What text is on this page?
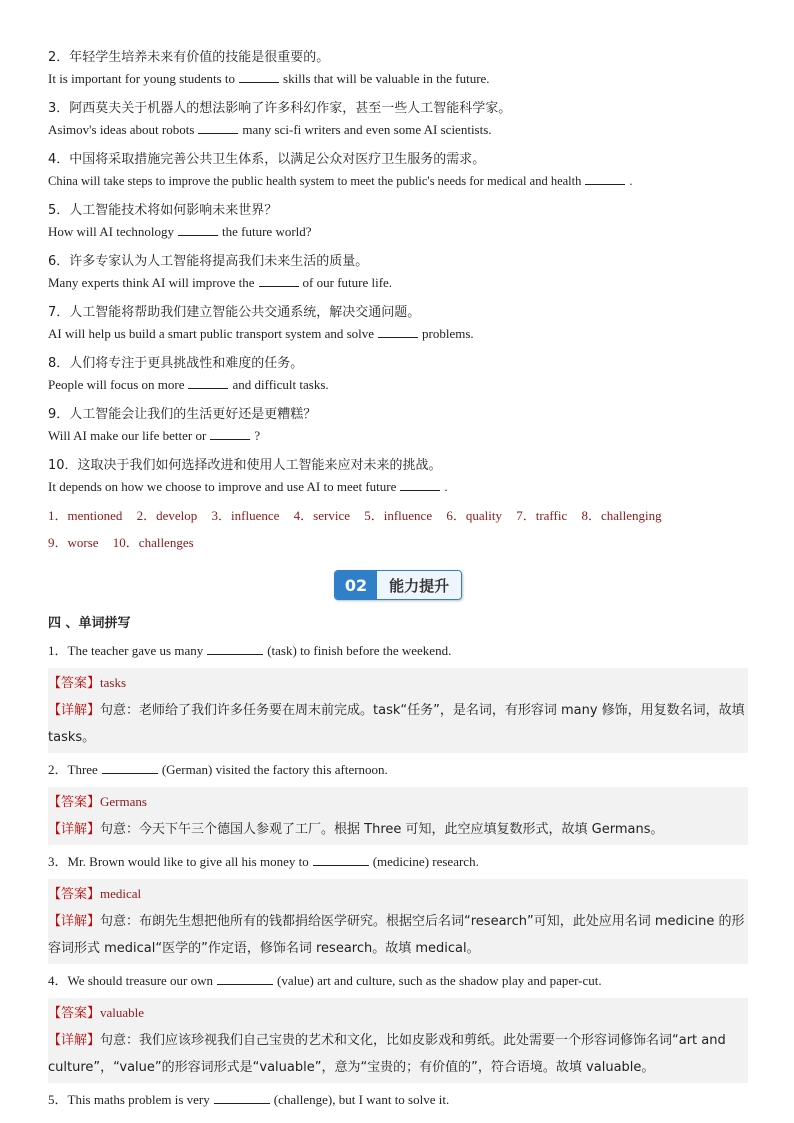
2．年轻学生培养未来有价值的技能是很重要的。
It is important for young students to	skills that will be valuable in the future.
3．阿西莫夫关于机器人的想法影响了许多科幻作家，甚至一些人工智能科学家。
Asimov's ideas about robots	many sci-fi writers and even some AI scientists.
4．中国将采取措施完善公共卫生体系，以满足公众对医疗卫生服务的需求。
China will take steps to improve the public health system to meet the public's needs for medical and health	.
5．人工智能技术将如何影响未来世界？
How will AI technology	the future world?
6．许多专家认为人工智能将提高我们未来生活的质量。
Many experts think AI will improve the	of our future life.
7．人工智能将帮助我们建立智能公共交通系统，解决交通问题。
AI will help us build a smart public transport system and solve	problems.
8．人们将专注于更具挑战性和难度的任务。
People will focus on more	and difficult tasks.
9．人工智能会让我们的生活更好还是更糟糕？
Will AI make our life better or	?
10．这取决于我们如何选择改进和使用人工智能来应对未来的挑战。
It depends on how we choose to improve and use AI to meet future	.
1．mentioned 2．develop 3．influence 4．service 5．influence 6．quality 7．traffic 8．challenging
9．worse 10．challenges
02	能力提升
四 、单词拼写
1．The teacher gave us many	(task) to finish before the weekend.
【答案】tasks
【详解】句意：老师给了我们许多任务要在周末前完成。task“任务”，是名词，有形容词 many 修饰，用复数名词，故填 tasks。
2．Three	(German) visited the factory this afternoon.
【答案】Germans
【详解】句意：今天下午三个德国人参观了工厂。根据 Three 可知，此空应填复数形式，故填 Germans。
3．Mr. Brown would like to give all his money to	(medicine) research.
【答案】medical
【详解】句意：布朗先生想把他所有的钱都捐给医学研究。根据空后名词“research”可知，此处应用名词 medicine 的形容词形式 medical“医学的”作定语，修饰名词 research。故填 medical。
4．We should treasure our own	(value) art and culture, such as the shadow play and paper-cut.
【答案】valuable
【详解】句意：我们应该珍视我们自己宝贵的艺术和文化，比如皮影戏和剪纸。此处需要一个形容词修饰名词“art and culture”，“value”的形容词形式是“valuable”，意为“宝贵的；有价值的”，符合语境。故填 valuable。
5．This maths problem is very	(challenge), but I want to solve it.
